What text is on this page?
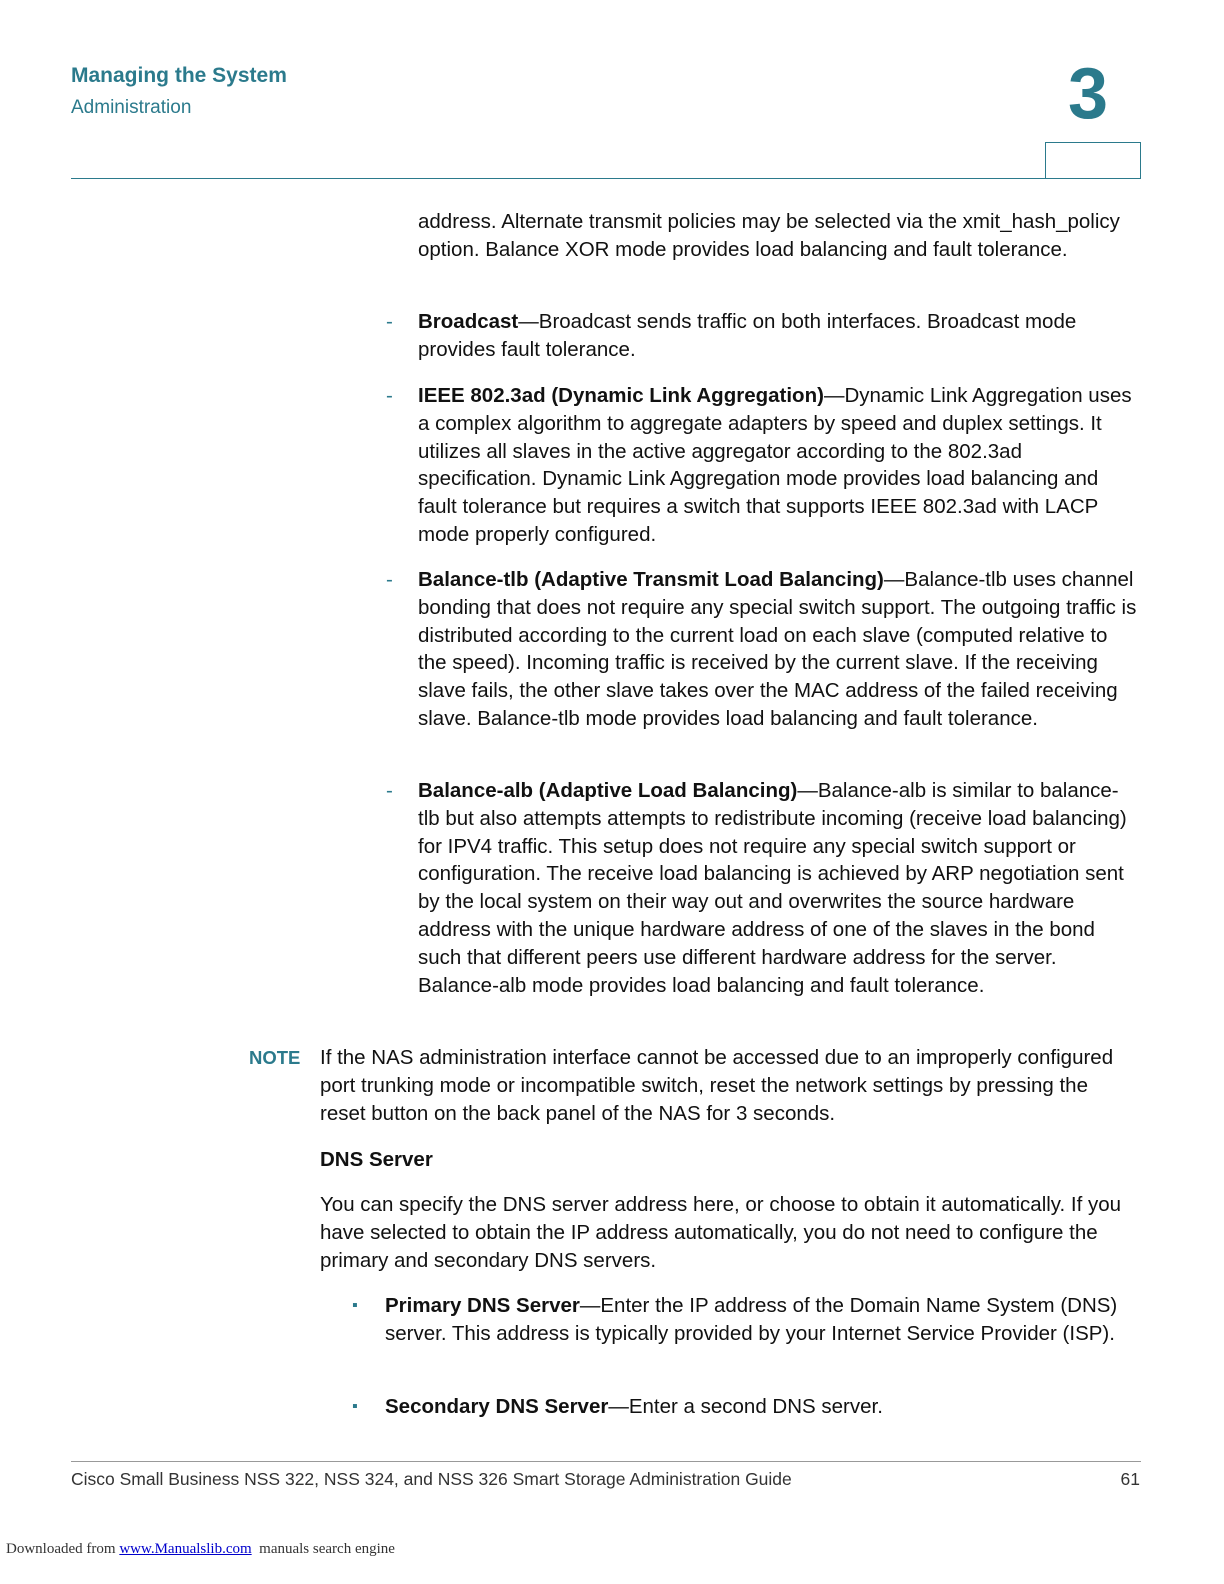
Managing the System
Administration	3

address. Alternate transmit policies may be selected via the xmit_hash_policy option. Balance XOR mode provides load balancing and fault tolerance.

- Broadcast—Broadcast sends traffic on both interfaces. Broadcast mode provides fault tolerance.

- IEEE 802.3ad (Dynamic Link Aggregation)—Dynamic Link Aggregation uses a complex algorithm to aggregate adapters by speed and duplex settings. It utilizes all slaves in the active aggregator according to the 802.3ad specification. Dynamic Link Aggregation mode provides load balancing and fault tolerance but requires a switch that supports IEEE 802.3ad with LACP mode properly configured.

- Balance-tlb (Adaptive Transmit Load Balancing)—Balance-tlb uses channel bonding that does not require any special switch support. The outgoing traffic is distributed according to the current load on each slave (computed relative to the speed). Incoming traffic is received by the current slave. If the receiving slave fails, the other slave takes over the MAC address of the failed receiving slave. Balance-tlb mode provides load balancing and fault tolerance.

- Balance-alb (Adaptive Load Balancing)—Balance-alb is similar to balance-tlb but also attempts attempts to redistribute incoming (receive load balancing) for IPV4 traffic. This setup does not require any special switch support or configuration. The receive load balancing is achieved by ARP negotiation sent by the local system on their way out and overwrites the source hardware address with the unique hardware address of one of the slaves in the bond such that different peers use different hardware address for the server. Balance-alb mode provides load balancing and fault tolerance.

NOTE If the NAS administration interface cannot be accessed due to an improperly configured port trunking mode or incompatible switch, reset the network settings by pressing the reset button on the back panel of the NAS for 3 seconds.

DNS Server

You can specify the DNS server address here, or choose to obtain it automatically. If you have selected to obtain the IP address automatically, you do not need to configure the primary and secondary DNS servers.

▪ Primary DNS Server—Enter the IP address of the Domain Name System (DNS) server. This address is typically provided by your Internet Service Provider (ISP).

▪ Secondary DNS Server—Enter a second DNS server.

Cisco Small Business NSS 322, NSS 324, and NSS 326 Smart Storage Administration Guide	61
Downloaded from www.Manualslib.com  manuals search engine
